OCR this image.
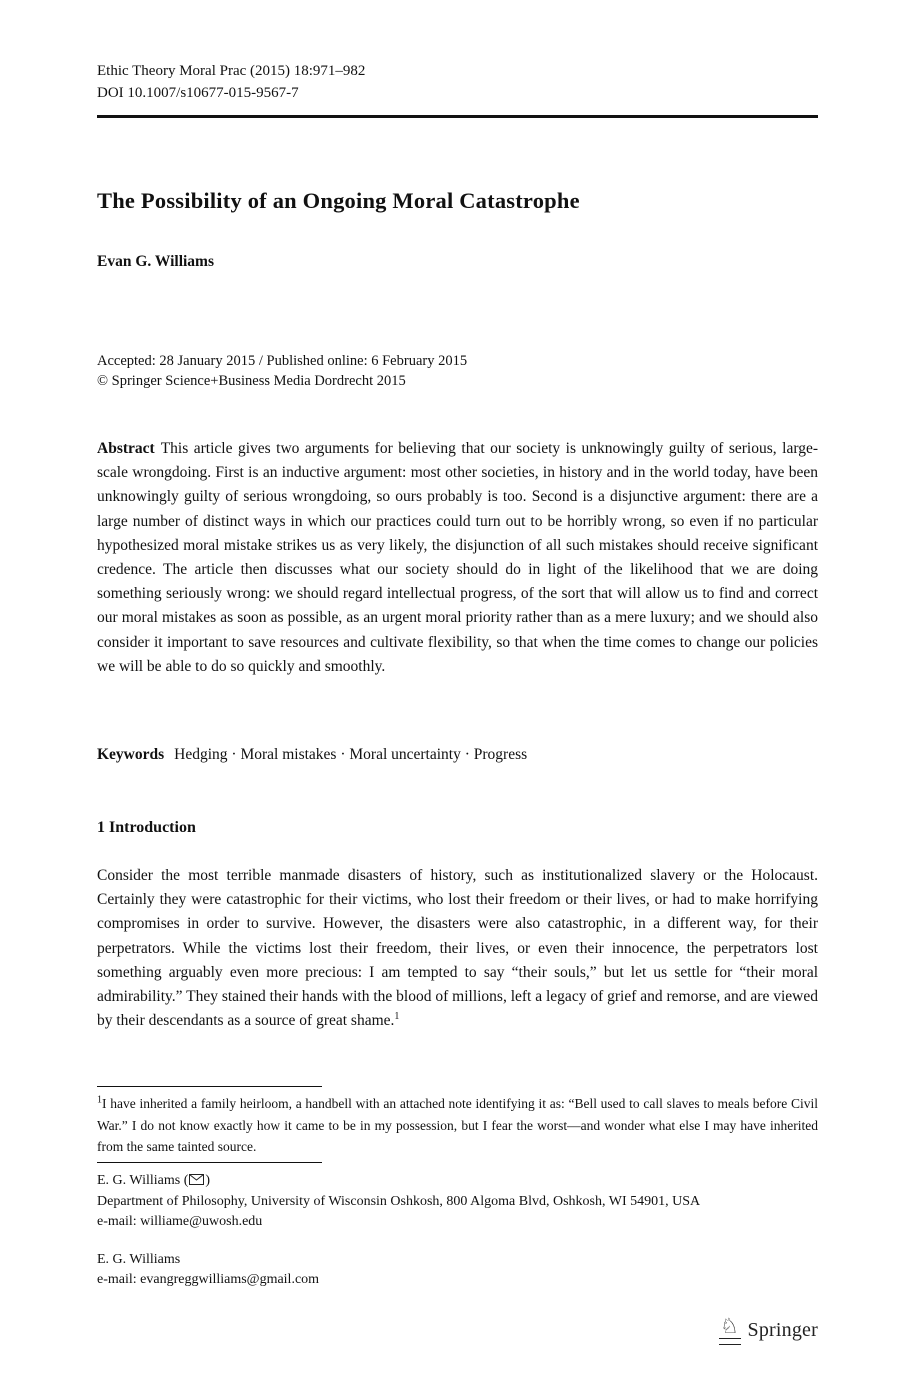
Ethic Theory Moral Prac (2015) 18:971–982
DOI 10.1007/s10677-015-9567-7
The Possibility of an Ongoing Moral Catastrophe
Evan G. Williams
Accepted: 28 January 2015 / Published online: 6 February 2015
© Springer Science+Business Media Dordrecht 2015

Abstract This article gives two arguments for believing that our society is unknowingly guilty of serious, large-scale wrongdoing. First is an inductive argument: most other societies, in history and in the world today, have been unknowingly guilty of serious wrongdoing, so ours probably is too. Second is a disjunctive argument: there are a large number of distinct ways in which our practices could turn out to be horribly wrong, so even if no particular hypothesized moral mistake strikes us as very likely, the disjunction of all such mistakes should receive significant credence. The article then discusses what our society should do in light of the likelihood that we are doing something seriously wrong: we should regard intellectual progress, of the sort that will allow us to find and correct our moral mistakes as soon as possible, as an urgent moral priority rather than as a mere luxury; and we should also consider it important to save resources and cultivate flexibility, so that when the time comes to change our policies we will be able to do so quickly and smoothly.

Keywords Hedging · Moral mistakes · Moral uncertainty · Progress
1 Introduction

Consider the most terrible manmade disasters of history, such as institutionalized slavery or the Holocaust. Certainly they were catastrophic for their victims, who lost their freedom or their lives, or had to make horrifying compromises in order to survive. However, the disasters were also catastrophic, in a different way, for their perpetrators. While the victims lost their freedom, their lives, or even their innocence, the perpetrators lost something arguably even more precious: I am tempted to say “their souls,” but let us settle for “their moral admirability.” They stained their hands with the blood of millions, left a legacy of grief and remorse, and are viewed by their descendants as a source of great shame.$^1$

$^1$I have inherited a family heirloom, a handbell with an attached note identifying it as: “Bell used to call slaves to meals before Civil War.” I do not know exactly how it came to be in my possession, but I fear the worst—and wonder what else I may have inherited from the same tainted source.

E. G. Williams ( )
Department of Philosophy, University of Wisconsin Oshkosh, 800 Algoma Blvd, Oshkosh, WI 54901, USA
e-mail: williame@uwosh.edu
E. G. Williams
e-mail: evangreggwilliams@gmail.com
♘ Springer
